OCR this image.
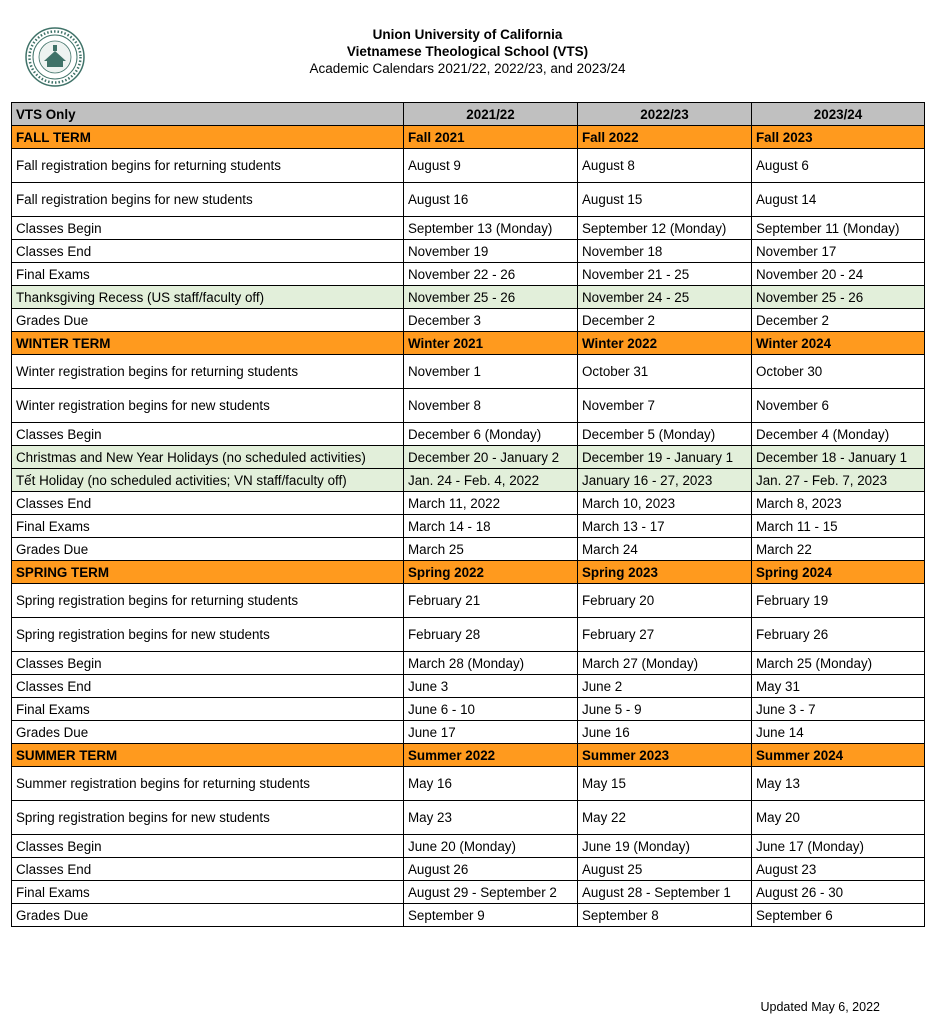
Union University of California
Vietnamese Theological School (VTS)
Academic Calendars 2021/22, 2022/23, and 2023/24
VTS Only	2021/22	2022/23	2023/24
FALL TERM	Fall 2021	Fall 2022	Fall 2023
Fall registration begins for returning students	August 9	August 8	August 6
Fall registration begins for new students	August 16	August 15	August 14
Classes Begin	September 13 (Monday)	September 12 (Monday)	September 11 (Monday)
Classes End	November 19	November 18	November 17
Final Exams	November 22 - 26	November 21 - 25	November 20 - 24
Thanksgiving Recess (US staff/faculty off)	November 25 - 26	November 24 - 25	November 25 - 26
Grades Due	December 3	December 2	December 2
WINTER TERM	Winter 2021	Winter 2022	Winter 2024
Winter registration begins for returning students	November 1	October 31	October 30
Winter registration begins for new students	November 8	November 7	November 6
Classes Begin	December 6 (Monday)	December 5 (Monday)	December 4 (Monday)
Christmas and New Year Holidays (no scheduled activities)	December 20 - January 2	December 19 - January 1	December 18 - January 1
Tết Holiday (no scheduled activities; VN staff/faculty off)	Jan. 24 - Feb. 4, 2022	January 16 - 27, 2023	Jan. 27 - Feb. 7, 2023
Classes End	March 11, 2022	March 10, 2023	March 8, 2023
Final Exams	March 14 - 18	March 13 - 17	March 11 - 15
Grades Due	March 25	March 24	March 22
SPRING TERM	Spring 2022	Spring 2023	Spring 2024
Spring registration begins for returning students	February 21	February 20	February 19
Spring registration begins for new students	February 28	February 27	February 26
Classes Begin	March 28 (Monday)	March 27 (Monday)	March 25 (Monday)
Classes End	June 3	June 2	May 31
Final Exams	June 6 - 10	June 5 - 9	June 3 - 7
Grades Due	June 17	June 16	June 14
SUMMER TERM	Summer 2022	Summer 2023	Summer 2024
Summer registration begins for returning students	May 16	May 15	May 13
Spring registration begins for new students	May 23	May 22	May 20
Classes Begin	June 20 (Monday)	June 19 (Monday)	June 17 (Monday)
Classes End	August 26	August 25	August 23
Final Exams	August 29 - September 2	August 28 - September 1	August 26 - 30
Grades Due	September 9	September 8	September 6
Updated May 6, 2022
